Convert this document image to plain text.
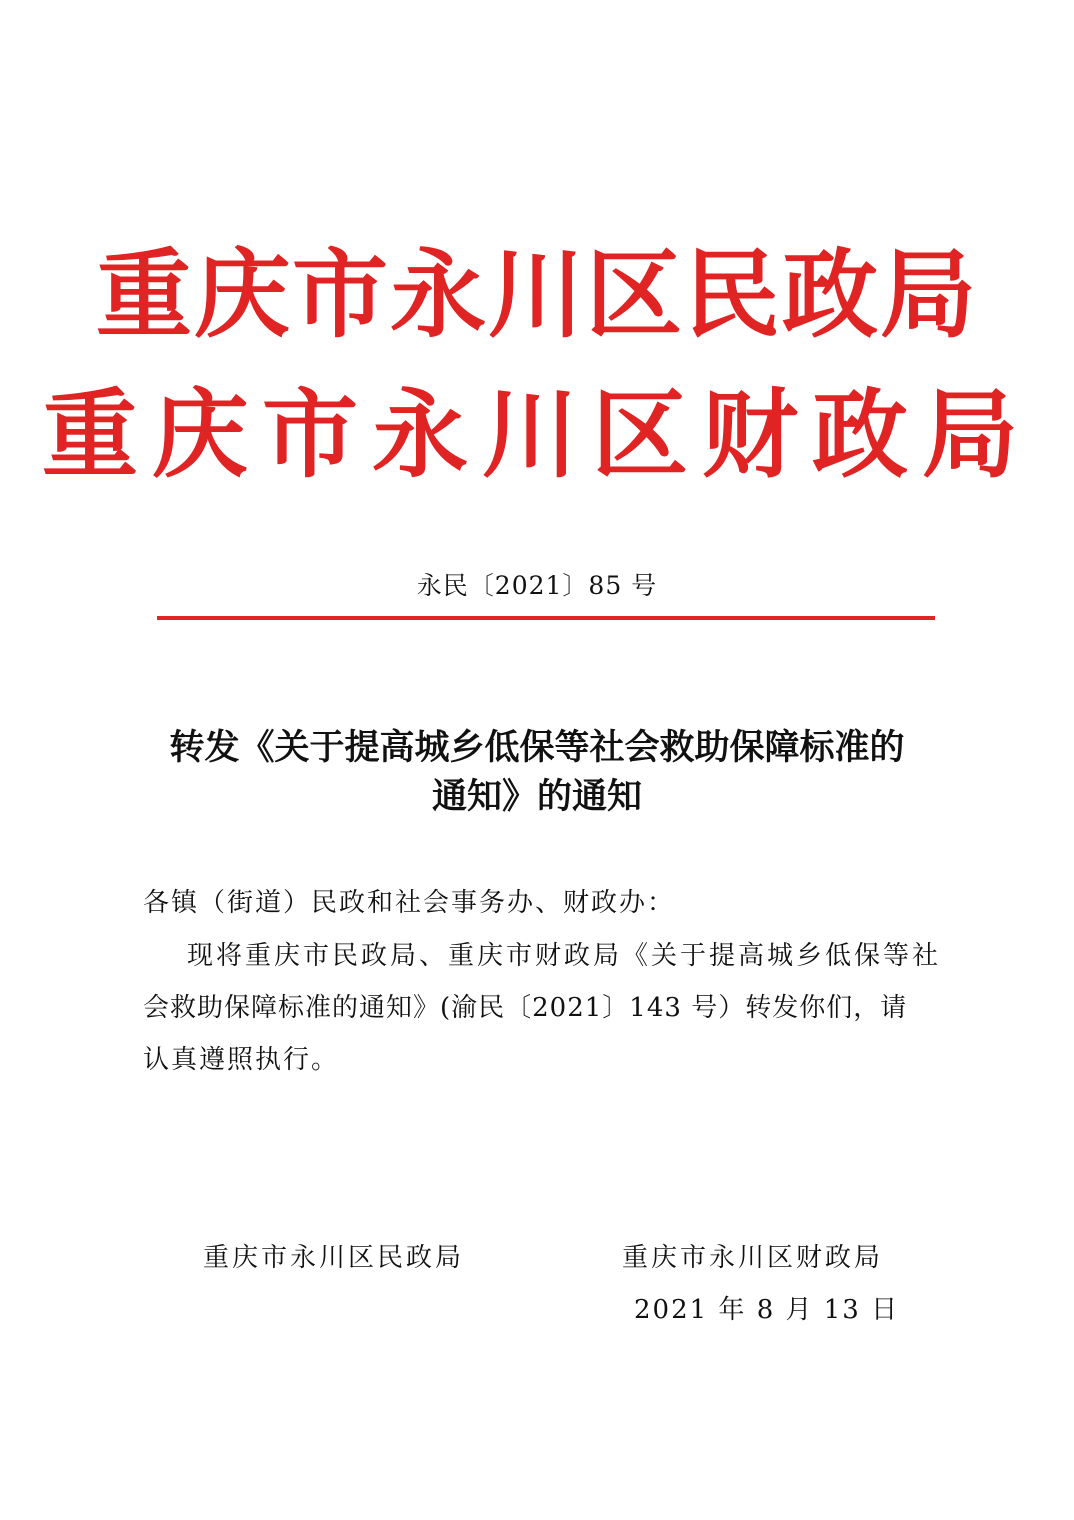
重庆市永川区民政局
重庆市永川区财政局
永民〔2021〕85 号
转发《关于提高城乡低保等社会救助保障标准的
通知》的通知
各镇（街道）民政和社会事务办、财政办：
现将重庆市民政局、重庆市财政局《关于提高城乡低保等社
会救助保障标准的通知》(渝民〔2021〕143 号）转发你们，请
认真遵照执行。
重庆市永川区民政局	重庆市永川区财政局
2021 年 8 月 13 日
